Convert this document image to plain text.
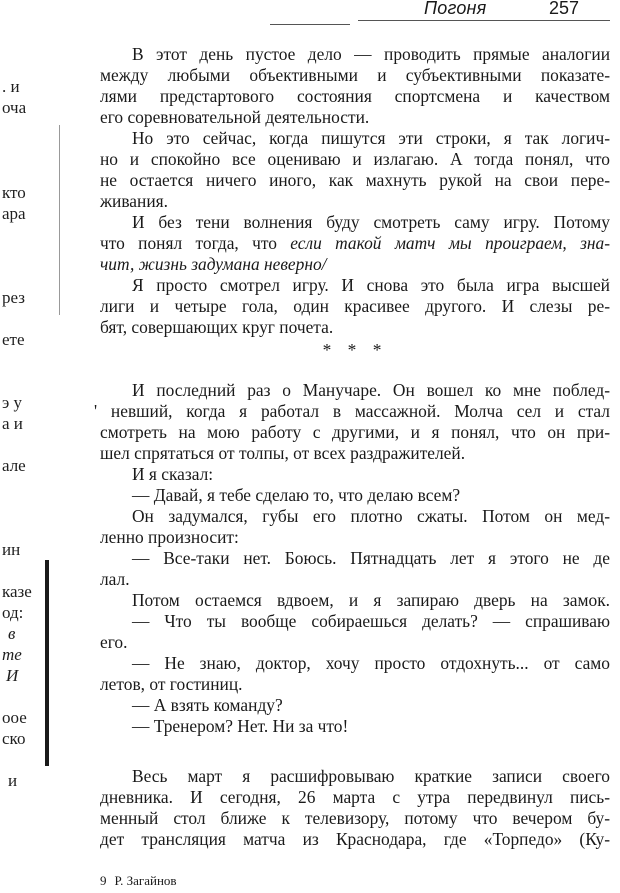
Погоня	257
. и
оча
кто
ара
рез
ете
э у
а и
але
ин
казе
од:
в
те
И
оое
ско
и
В этот день пустое дело — проводить прямые аналогии
между любыми объективными и субъективными показате-
лями предстартового состояния спортсмена и качеством
его соревновательной деятельности.
Но это сейчас, когда пишутся эти строки, я так логич-
но и спокойно все оцениваю и излагаю. А тогда понял, что
не остается ничего иного, как махнуть рукой на свои пере-
живания.
И без тени волнения буду смотреть саму игру. Потому
что понял тогда, что если такой матч мы проиграем, зна-
чит, жизнь задумана неверно/
Я просто смотрел игру. И снова это была игра высшей
лиги и четыре гола, один красивее другого. И слезы ре-
бят, совершающих круг почета.
* * *
И последний раз о Манучаре. Он вошел ко мне поблед-
' невший, когда я работал в массажной. Молча сел и стал
смотреть на мою работу с другими, и я понял, что он при-
шел спрятаться от толпы, от всех раздражителей.
И я сказал:
— Давай, я тебе сделаю то, что делаю всем?
Он задумался, губы его плотно сжаты. Потом он мед-
ленно произносит:
— Все-таки нет. Боюсь. Пятнадцать лет я этого не де
лал.
Потом остаемся вдвоем, и я запираю дверь на замок.
— Что ты вообще собираешься делать? — спрашиваю
его.
— Не знаю, доктор, хочу просто отдохнуть... от само
летов, от гостиниц.
— А взять команду?
— Тренером? Нет. Ни за что!
Весь март я расшифровываю краткие записи своего
дневника. И сегодня, 26 марта с утра передвинул пись-
менный стол ближе к телевизору, потому что вечером бу-
дет трансляция матча из Краснодара, где «Торпедо» (Ку-
9 Р. Загайнов
